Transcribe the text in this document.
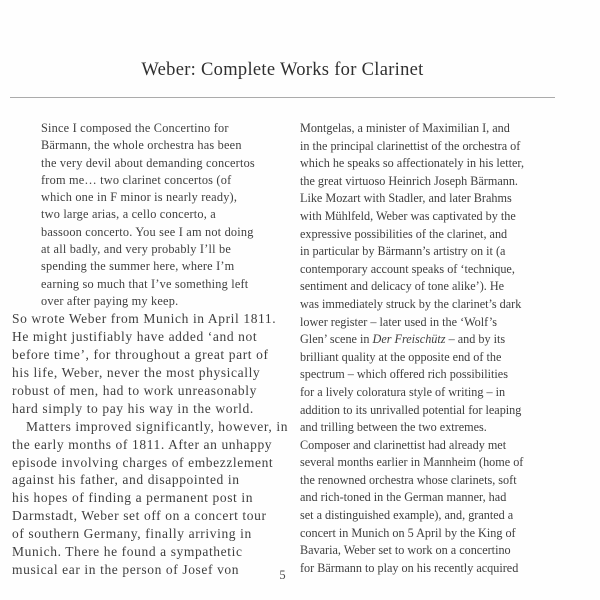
Weber: Complete Works for Clarinet
Since I composed the Concertino for
Bärmann, the whole orchestra has been
the very devil about demanding concertos
from me… two clarinet concertos (of
which one in F minor is nearly ready),
two large arias, a cello concerto, a
bassoon concerto. You see I am not doing
at all badly, and very probably I’ll be
spending the summer here, where I’m
earning so much that I’ve something left
over after paying my keep.
So wrote Weber from Munich in April 1811.
He might justifiably have added ‘and not
before time’, for throughout a great part of
his life, Weber, never the most physically
robust of men, had to work unreasonably
hard simply to pay his way in the world.
Matters improved significantly, however, in
the early months of 1811. After an unhappy
episode involving charges of embezzlement
against his father, and disappointed in
his hopes of finding a permanent post in
Darmstadt, Weber set off on a concert tour
of southern Germany, finally arriving in
Munich. There he found a sympathetic
musical ear in the person of Josef von
Montgelas, a minister of Maximilian I, and
in the principal clarinettist of the orchestra of
which he speaks so affectionately in his letter,
the great virtuoso Heinrich Joseph Bärmann.
Like Mozart with Stadler, and later Brahms
with Mühlfeld, Weber was captivated by the
expressive possibilities of the clarinet, and
in particular by Bärmann’s artistry on it (a
contemporary account speaks of ‘technique,
sentiment and delicacy of tone alike’). He
was immediately struck by the clarinet’s dark
lower register – later used in the ‘Wolf’s
Glen’ scene in Der Freischütz – and by its
brilliant quality at the opposite end of the
spectrum – which offered rich possibilities
for a lively coloratura style of writing – in
addition to its unrivalled potential for leaping
and trilling between the two extremes.
Composer and clarinettist had already met
several months earlier in Mannheim (home of
the renowned orchestra whose clarinets, soft
and rich-toned in the German manner, had
set a distinguished example), and, granted a
concert in Munich on 5 April by the King of
Bavaria, Weber set to work on a concertino
for Bärmann to play on his recently acquired
5
